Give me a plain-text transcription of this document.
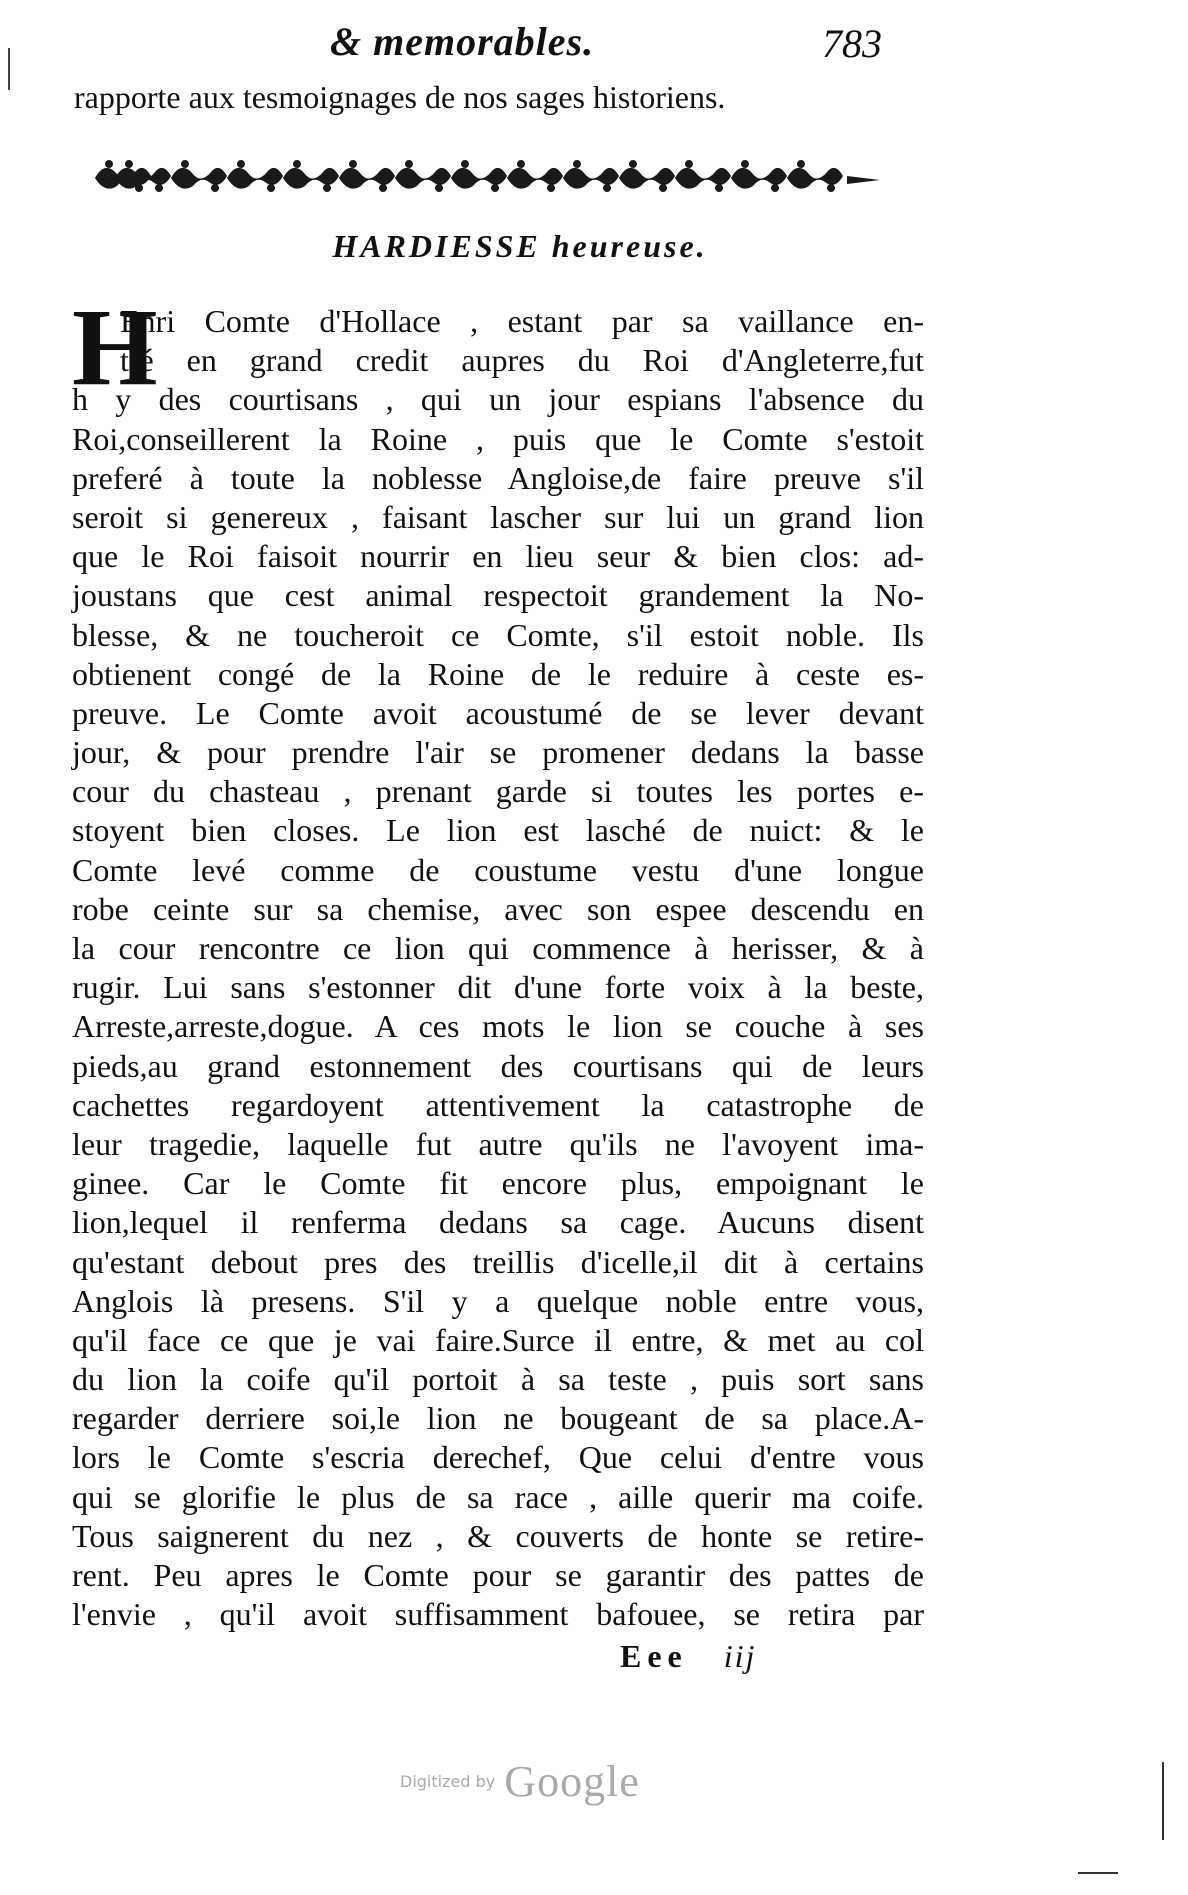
& memorables.	783
rapporte aux tesmoignages de nos sages historiens.
HARDIESSE heureuse.
H
Enri Comte d'Hollace , estant par sa vaillance en-
tré en grand credit aupres du Roi d'Angleterre,fut
h y des courtisans , qui un jour espians l'absence du
Roi,conseillerent la Roine , puis que le Comte s'estoit
preferé à toute la noblesse Angloise,de faire preuve s'il
seroit si genereux , faisant lascher sur lui un grand lion
que le Roi faisoit nourrir en lieu seur & bien clos: ad-
joustans que cest animal respectoit grandement la No-
blesse, & ne toucheroit ce Comte, s'il estoit noble. Ils
obtienent congé de la Roine de le reduire à ceste es-
preuve. Le Comte avoit acoustumé de se lever devant
jour, & pour prendre l'air se promener dedans la basse
cour du chasteau , prenant garde si toutes les portes e-
stoyent bien closes. Le lion est lasché de nuict: & le
Comte levé comme de coustume vestu d'une longue
robe ceinte sur sa chemise, avec son espee descendu en
la cour rencontre ce lion qui commence à herisser, & à
rugir. Lui sans s'estonner dit d'une forte voix à la beste,
Arreste,arreste,dogue. A ces mots le lion se couche à ses
pieds,au grand estonnement des courtisans qui de leurs
cachettes regardoyent attentivement la catastrophe de
leur tragedie, laquelle fut autre qu'ils ne l'avoyent ima-
ginee. Car le Comte fit encore plus, empoignant le
lion,lequel il renferma dedans sa cage. Aucuns disent
qu'estant debout pres des treillis d'icelle,il dit à certains
Anglois là presens. S'il y a quelque noble entre vous,
qu'il face ce que je vai faire.Surce il entre, & met au col
du lion la coife qu'il portoit à sa teste , puis sort sans
regarder derriere soi,le lion ne bougeant de sa place.A-
lors le Comte s'escria derechef, Que celui d'entre vous
qui se glorifie le plus de sa race , aille querir ma coife.
Tous saignerent du nez , & couverts de honte se retire-
rent. Peu apres le Comte pour se garantir des pattes de
l'envie , qu'il avoit suffisamment bafouee, se retira par
Eee iij
Digitized by Google
